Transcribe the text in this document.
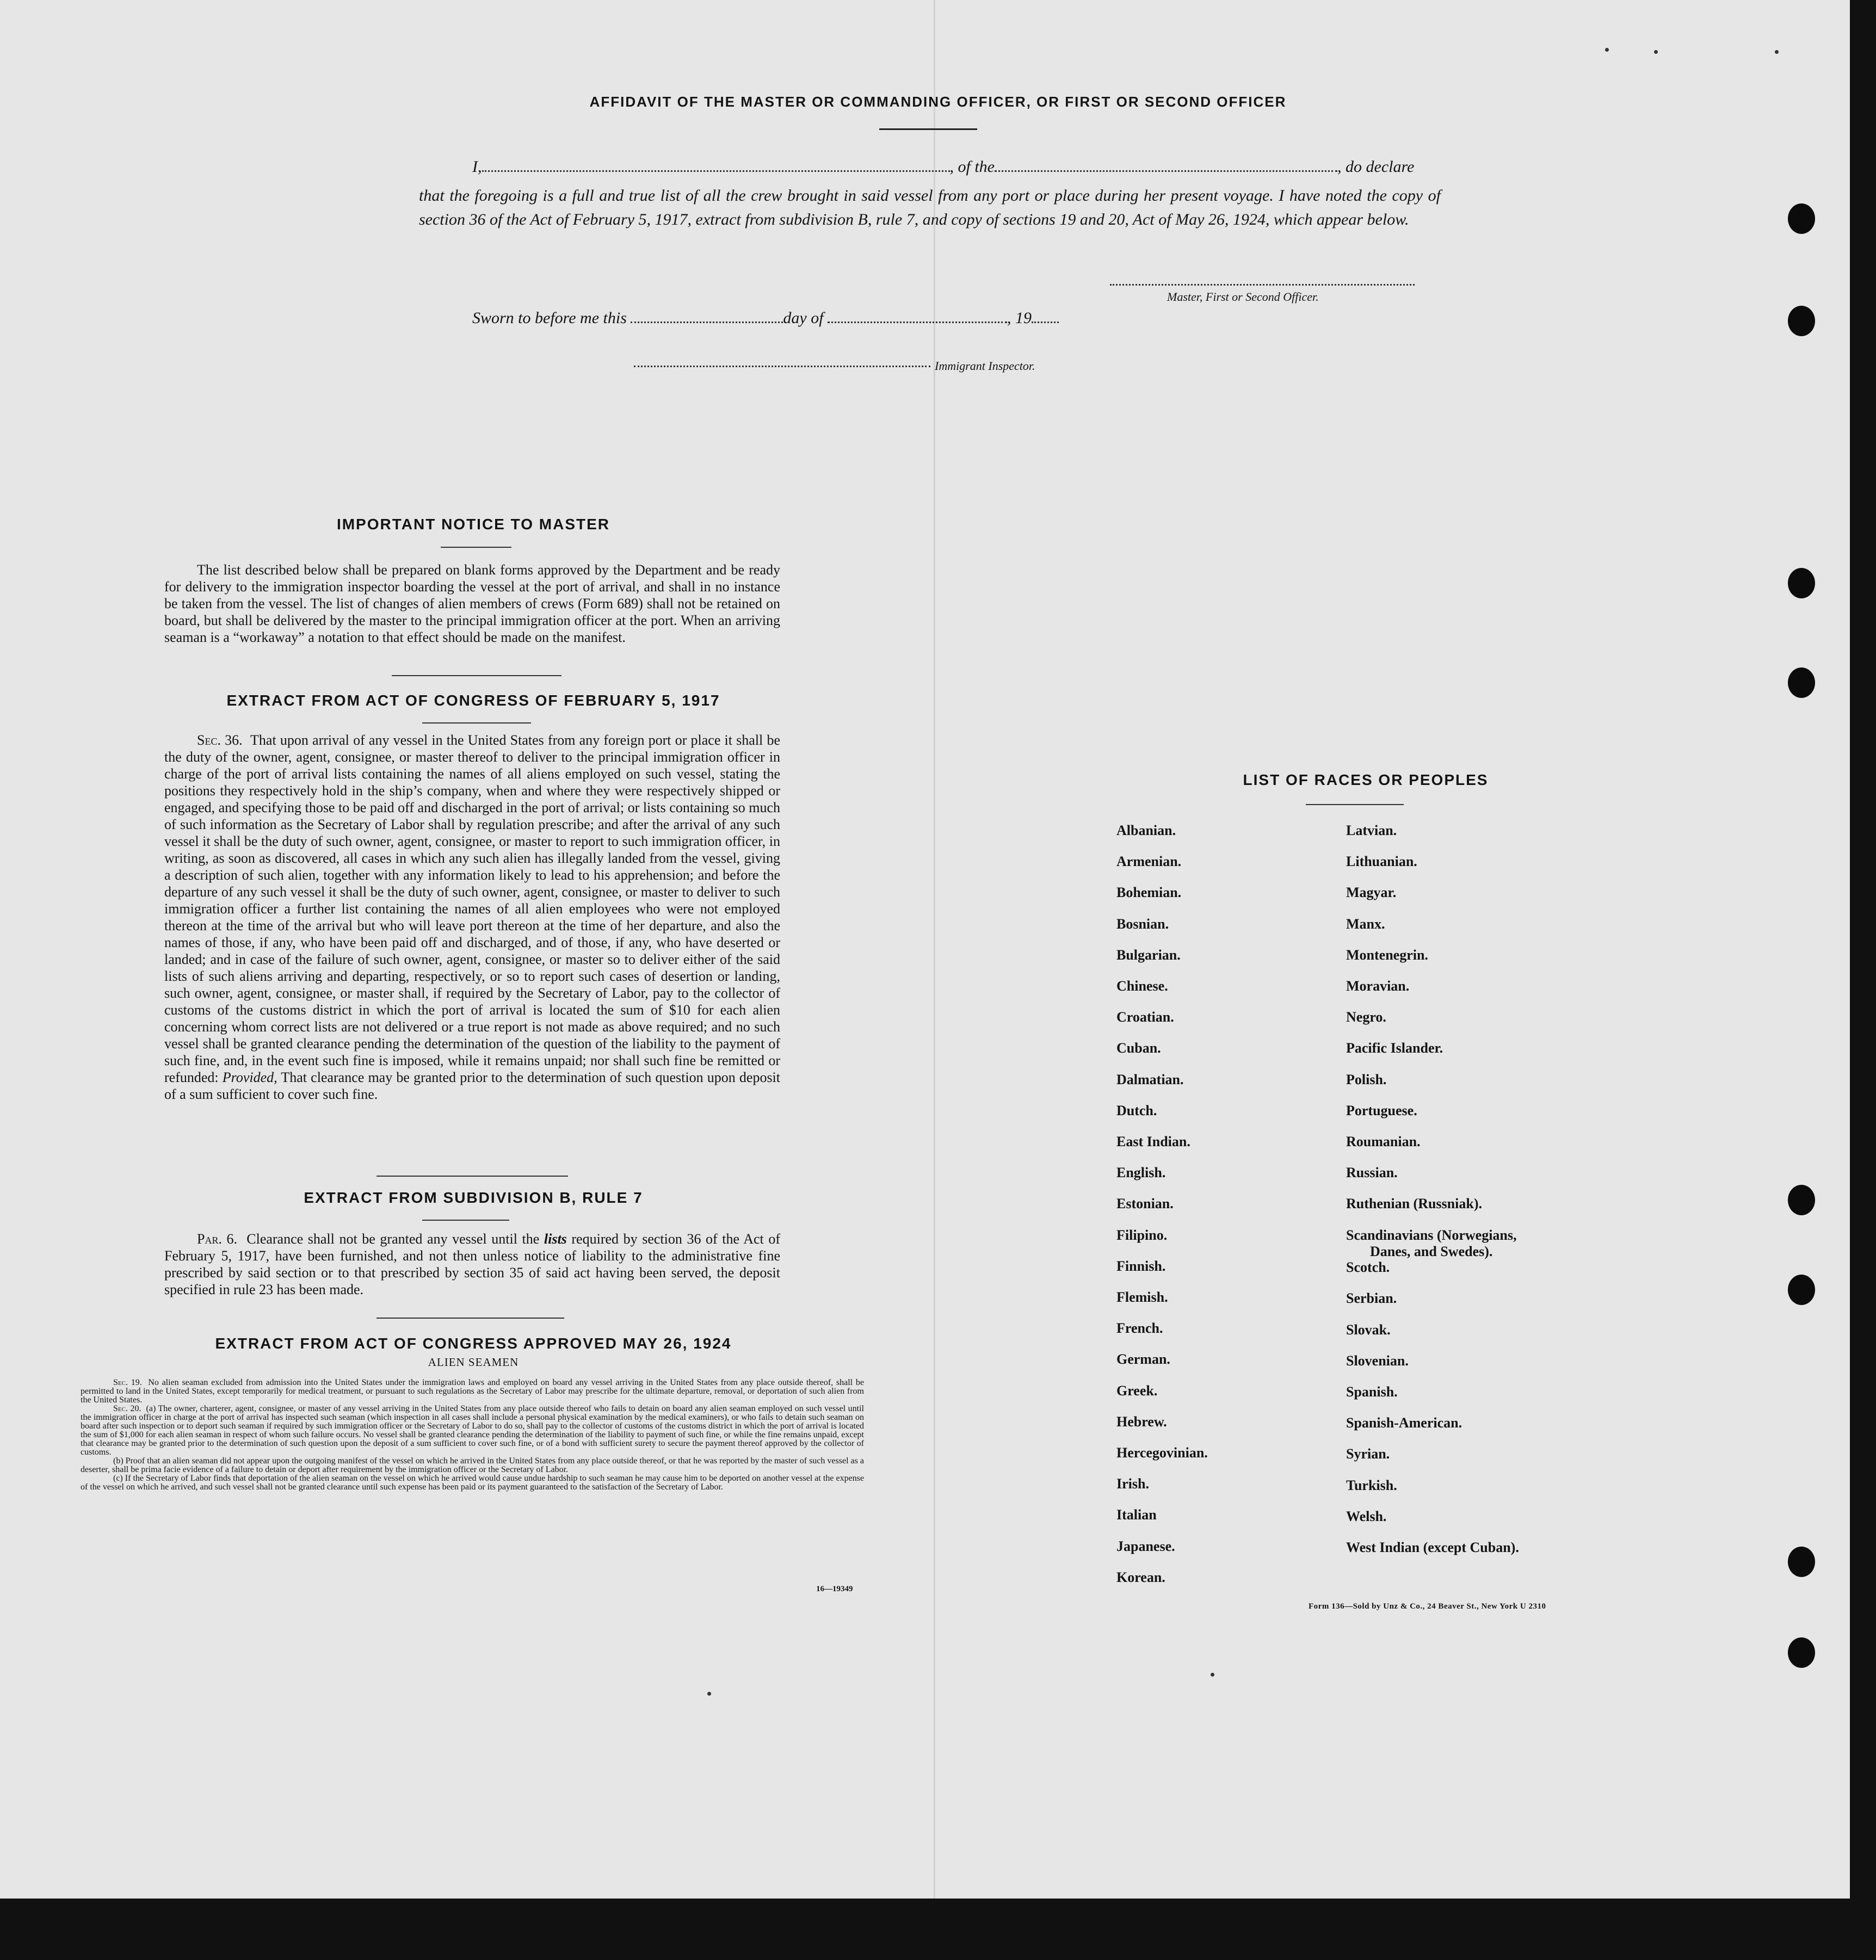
AFFIDAVIT OF THE MASTER OR COMMANDING OFFICER, OR FIRST OR SECOND OFFICER
I,	, of the	, do declare
that the foregoing is a full and true list of all the crew brought in said vessel from any port or place during her present voyage. I have noted the copy of section 36 of the Act of February 5, 1917, extract from subdivision B, rule 7, and copy of sections 19 and 20, Act of May 26, 1924, which appear below.
Master, First or Second Officer.
Sworn to before me this	day of	, 19
Immigrant Inspector.
IMPORTANT NOTICE TO MASTER

The list described below shall be prepared on blank forms approved by the Department and be ready for delivery to the immigration inspector boarding the vessel at the port of arrival, and shall in no instance be taken from the vessel. The list of changes of alien members of crews (Form 689) shall not be retained on board, but shall be delivered by the master to the principal immigration officer at the port. When an arriving seaman is a “workaway” a notation to that effect should be made on the manifest.

EXTRACT FROM ACT OF CONGRESS OF FEBRUARY 5, 1917

Sec. 36. That upon arrival of any vessel in the United States from any foreign port or place it shall be the duty of the owner, agent, consignee, or master thereof to deliver to the principal immigration officer in charge of the port of arrival lists containing the names of all aliens employed on such vessel, stating the positions they respectively hold in the ship’s company, when and where they were respectively shipped or engaged, and specifying those to be paid off and discharged in the port of arrival; or lists containing so much of such information as the Secretary of Labor shall by regulation prescribe; and after the arrival of any such vessel it shall be the duty of such owner, agent, consignee, or master to report to such immigration officer, in writing, as soon as discovered, all cases in which any such alien has illegally landed from the vessel, giving a description of such alien, together with any information likely to lead to his apprehension; and before the departure of any such vessel it shall be the duty of such owner, agent, consignee, or master to deliver to such immigration officer a further list containing the names of all alien employees who were not employed thereon at the time of the arrival but who will leave port thereon at the time of her departure, and also the names of those, if any, who have been paid off and discharged, and of those, if any, who have deserted or landed; and in case of the failure of such owner, agent, consignee, or master so to deliver either of the said lists of such aliens arriving and departing, respectively, or so to report such cases of desertion or landing, such owner, agent, consignee, or master shall, if required by the Secretary of Labor, pay to the collector of customs of the customs district in which the port of arrival is located the sum of $10 for each alien concerning whom correct lists are not delivered or a true report is not made as above required; and no such vessel shall be granted clearance pending the determination of the question of the liability to the payment of such fine, and, in the event such fine is imposed, while it remains unpaid; nor shall such fine be remitted or refunded: Provided, That clearance may be granted prior to the determination of such question upon deposit of a sum sufficient to cover such fine.

EXTRACT FROM SUBDIVISION B, RULE 7

Par. 6. Clearance shall not be granted any vessel until the lists required by section 36 of the Act of February 5, 1917, have been furnished, and not then unless notice of liability to the administrative fine prescribed by said section or to that prescribed by section 35 of said act having been served, the deposit specified in rule 23 has been made.

EXTRACT FROM ACT OF CONGRESS APPROVED MAY 26, 1924
ALIEN SEAMEN

Sec. 19. No alien seaman excluded from admission into the United States under the immigration laws and employed on board any vessel arriving in the United States from any place outside thereof, shall be permitted to land in the United States, except temporarily for medical treatment, or pursuant to such regulations as the Secretary of Labor may prescribe for the ultimate departure, removal, or deportation of such alien from the United States.

Sec. 20. (a) The owner, charterer, agent, consignee, or master of any vessel arriving in the United States from any place outside thereof who fails to detain on board any alien seaman employed on such vessel until the immigration officer in charge at the port of arrival has inspected such seaman (which inspection in all cases shall include a personal physical examination by the medical examiners), or who fails to detain such seaman on board after such inspection or to deport such seaman if required by such immigration officer or the Secretary of Labor to do so, shall pay to the collector of customs of the customs district in which the port of arrival is located the sum of $1,000 for each alien seaman in respect of whom such failure occurs. No vessel shall be granted clearance pending the determination of the liability to payment of such fine, or while the fine remains unpaid, except that clearance may be granted prior to the determination of such question upon the deposit of a sum sufficient to cover such fine, or of a bond with sufficient surety to secure the payment thereof approved by the collector of customs.

(b) Proof that an alien seaman did not appear upon the outgoing manifest of the vessel on which he arrived in the United States from any place outside thereof, or that he was reported by the master of such vessel as a deserter, shall be prima facie evidence of a failure to detain or deport after requirement by the immigration officer or the Secretary of Labor.

(c) If the Secretary of Labor finds that deportation of the alien seaman on the vessel on which he arrived would cause undue hardship to such seaman he may cause him to be deported on another vessel at the expense of the vessel on which he arrived, and such vessel shall not be granted clearance until such expense has been paid or its payment guaranteed to the satisfaction of the Secretary of Labor.

16—19349
LIST OF RACES OR PEOPLES
Form 136—Sold by Unz & Co., 24 Beaver St., New York U 2310
Albanian.
Armenian.
Bohemian.
Bosnian.
Bulgarian.
Chinese.
Croatian.
Cuban.
Dalmatian.
Dutch.
East Indian.
English.
Estonian.
Filipino.
Finnish.
Flemish.
French.
German.
Greek.
Hebrew.
Hercegovinian.
Irish.
Italian
Japanese.
Korean.
Latvian.
Lithuanian.
Magyar.
Manx.
Montenegrin.
Moravian.
Negro.
Pacific Islander.
Polish.
Portuguese.
Roumanian.
Russian.
Ruthenian (Russniak).
Scandinavians (Norwegians,
Danes, and Swedes).
Scotch.
Serbian.
Slovak.
Slovenian.
Spanish.
Spanish-American.
Syrian.
Turkish.
Welsh.
West Indian (except Cuban).
